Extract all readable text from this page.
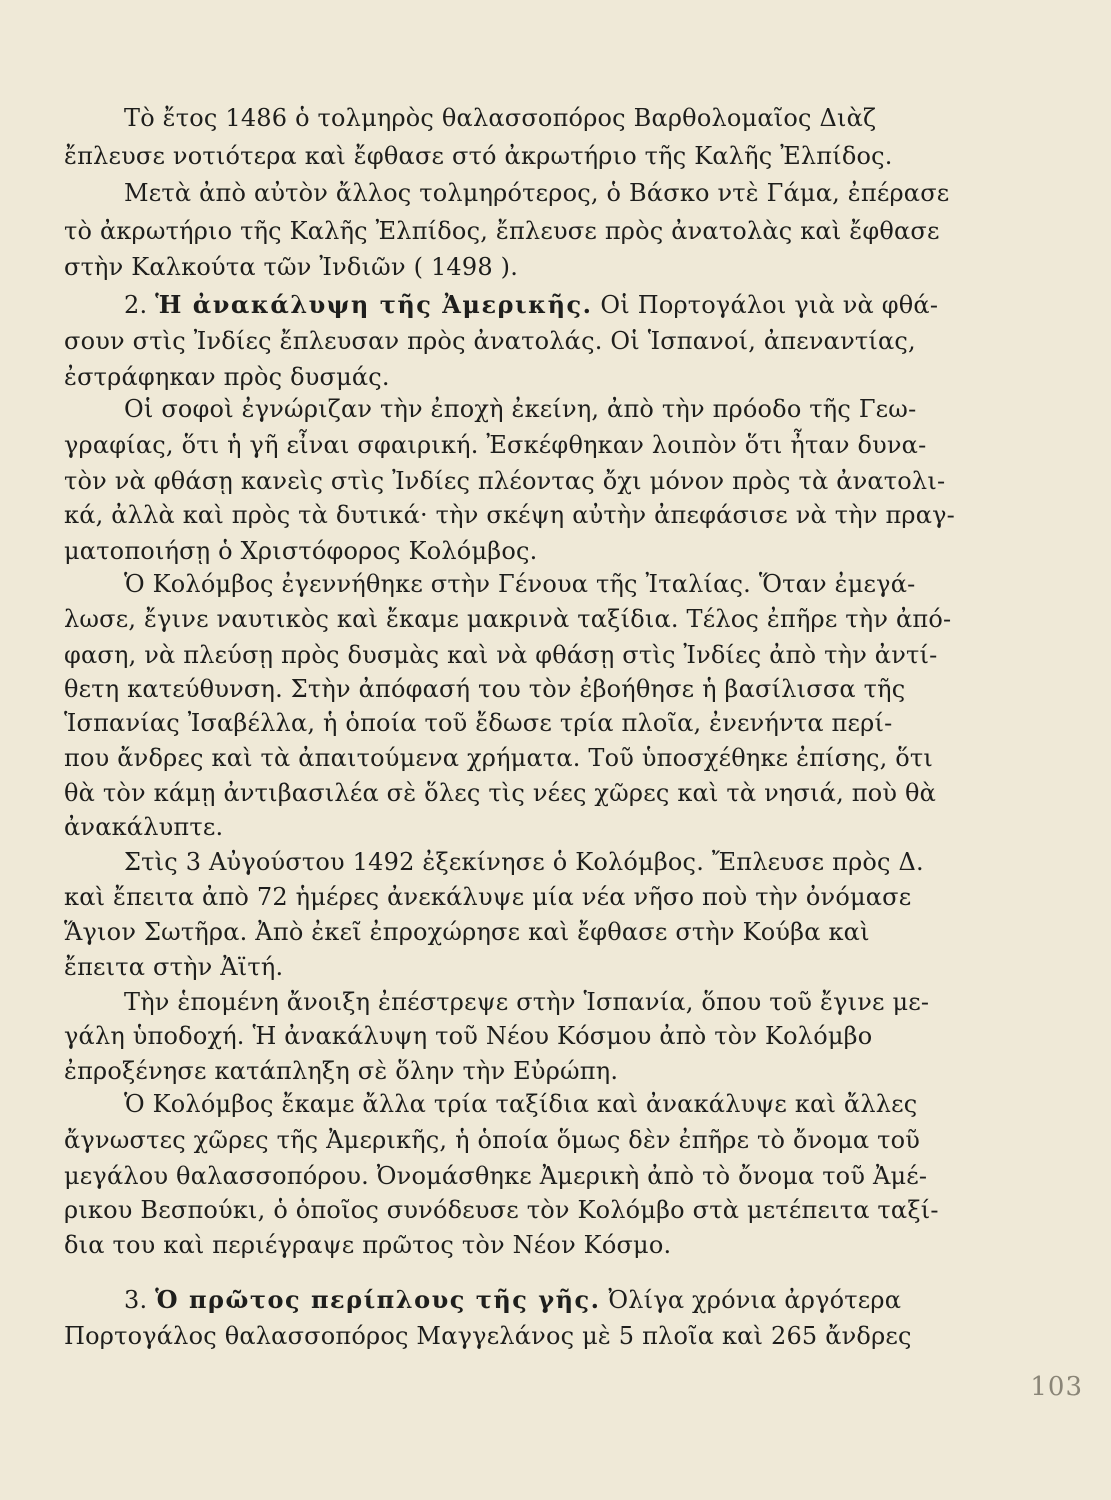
Τὸ ἔτος 1486 ὁ τολμηρὸς θαλασσοπόρος Βαρθολομαῖος Διὰζ
ἔπλευσε νοτιότερα καὶ ἔφθασε στό ἀκρωτήριο τῆς Καλῆς Ἐλπίδος.
Μετὰ ἀπὸ αὐτὸν ἄλλος τολμηρότερος, ὁ Βάσκο ντὲ Γάμα, ἐπέρασε
τὸ ἀκρωτήριο τῆς Καλῆς Ἐλπίδος, ἔπλευσε πρὸς ἀνατολὰς καὶ ἔφθασε
στὴν Καλκούτα τῶν Ἰνδιῶν ( 1498 ).
2. Ἡ ἀνακάλυψη τῆς Ἀμερικῆς. Οἱ Πορτογάλοι γιὰ νὰ φθά-
σουν στὶς Ἰνδίες ἔπλευσαν πρὸς ἀνατολάς. Οἱ Ἱσπανοί, ἀπεναντίας,
ἐστράφηκαν πρὸς δυσμάς.
Οἱ σοφοὶ ἐγνώριζαν τὴν ἐποχὴ ἐκείνη, ἀπὸ τὴν πρόοδο τῆς Γεω-
γραφίας, ὅτι ἡ γῆ εἶναι σφαιρική. Ἐσκέφθηκαν λοιπὸν ὅτι ἦταν δυνα-
τὸν νὰ φθάσῃ κανεὶς στὶς Ἰνδίες πλέοντας ὄχι μόνον πρὸς τὰ ἀνατολι-
κά, ἀλλὰ καὶ πρὸς τὰ δυτικά· τὴν σκέψη αὐτὴν ἀπεφάσισε νὰ τὴν πραγ-
ματοποιήσῃ ὁ Χριστόφορος Κολόμβος.
Ὁ Κολόμβος ἐγεννήθηκε στὴν Γένουα τῆς Ἰταλίας. Ὅταν ἐμεγά-
λωσε, ἔγινε ναυτικὸς καὶ ἔκαμε μακρινὰ ταξίδια. Τέλος ἐπῆρε τὴν ἀπό-
φαση, νὰ πλεύσῃ πρὸς δυσμὰς καὶ νὰ φθάσῃ στὶς Ἰνδίες ἀπὸ τὴν ἀντί-
θετη κατεύθυνση. Στὴν ἀπόφασή του τὸν ἐβοήθησε ἡ βασίλισσα τῆς
Ἱσπανίας Ἰσαβέλλα, ἡ ὁποία τοῦ ἔδωσε τρία πλοῖα, ἐνενήντα περί-
που ἄνδρες καὶ τὰ ἀπαιτούμενα χρήματα. Τοῦ ὑποσχέθηκε ἐπίσης, ὅτι
θὰ τὸν κάμῃ ἀντιβασιλέα σὲ ὅλες τὶς νέες χῶρες καὶ τὰ νησιά, ποὺ θὰ
ἀνακάλυπτε.
Στὶς 3 Αὐγούστου 1492 ἐξεκίνησε ὁ Κολόμβος. Ἔπλευσε πρὸς Δ.
καὶ ἔπειτα ἀπὸ 72 ἡμέρες ἀνεκάλυψε μία νέα νῆσο ποὺ τὴν ὀνόμασε
Ἅγιον Σωτῆρα. Ἀπὸ ἐκεῖ ἐπροχώρησε καὶ ἔφθασε στὴν Κούβα καὶ
ἔπειτα στὴν Ἀϊτή.
Τὴν ἑπομένη ἄνοιξη ἐπέστρεψε στὴν Ἱσπανία, ὅπου τοῦ ἔγινε με-
γάλη ὑποδοχή. Ἡ ἀνακάλυψη τοῦ Νέου Κόσμου ἀπὸ τὸν Κολόμβο
ἐπροξένησε κατάπληξη σὲ ὅλην τὴν Εὐρώπη.
Ὁ Κολόμβος ἔκαμε ἄλλα τρία ταξίδια καὶ ἀνακάλυψε καὶ ἄλλες
ἄγνωστες χῶρες τῆς Ἀμερικῆς, ἡ ὁποία ὅμως δὲν ἐπῆρε τὸ ὄνομα τοῦ
μεγάλου θαλασσοπόρου. Ὀνομάσθηκε Ἀμερικὴ ἀπὸ τὸ ὄνομα τοῦ Ἀμέ-
ρικου Βεσπούκι, ὁ ὁποῖος συνόδευσε τὸν Κολόμβο στὰ μετέπειτα ταξί-
δια του καὶ περιέγραψε πρῶτος τὸν Νέον Κόσμο.
3. Ὁ πρῶτος περίπλους τῆς γῆς. Ὀλίγα χρόνια ἀργότερα
Πορτογάλος θαλασσοπόρος Μαγγελάνος μὲ 5 πλοῖα καὶ 265 ἄνδρες
103
